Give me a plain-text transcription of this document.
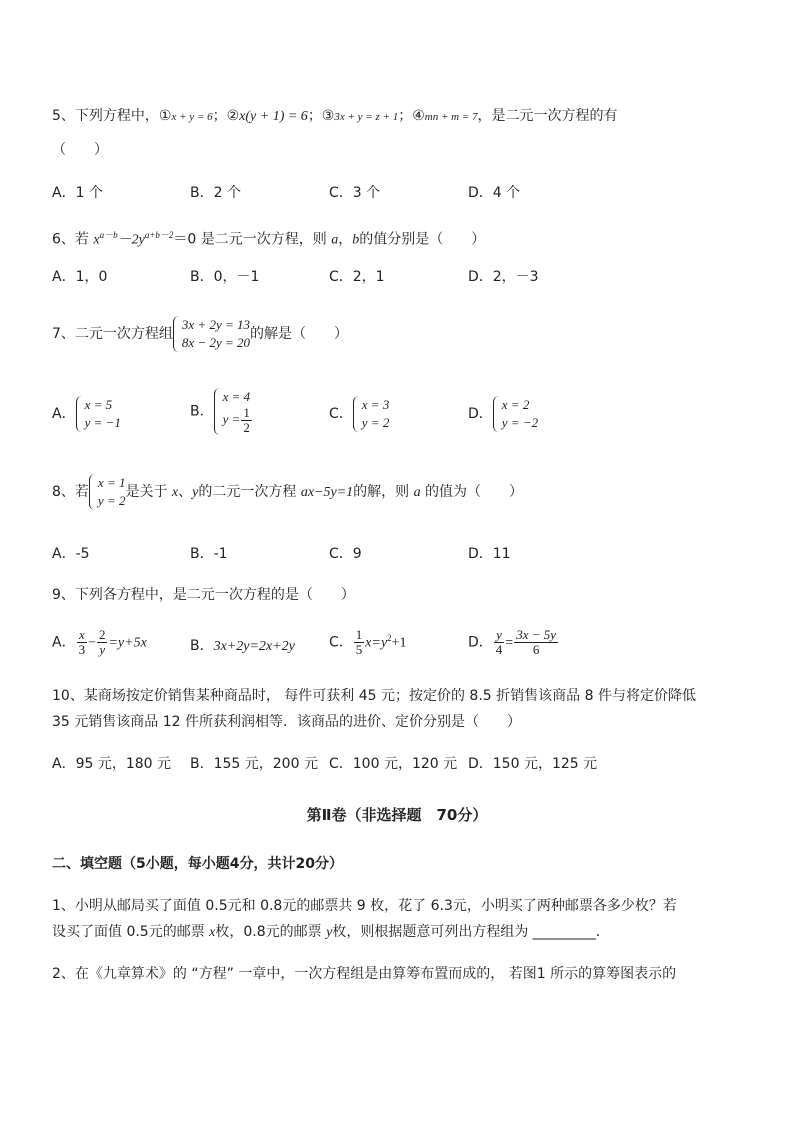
5、下列方程中，①x + y = 6；②x(y + 1) = 6；③3x + y = z + 1；④mn + m = 7，是二元一次方程的有
（　　）
A．1 个	B．2 个	C．3 个	D．4 个
6、若 $x^{a-b}-2y^{a+b-2}=0$ 是二元一次方程，则 a，b的值分别是（　　）
A．1，0	B．0，－1	C．2，1	D．2，－3
7、二元一次方程组
3x + 2y = 13
8x − 2y = 20
的解是（　　）
A．
x = 5
y = −1
B．
x = 4
$y = \frac{1}{2}$	C．
x = 3
y = 2
D．
x = 2
y = −2
8、若
x = 1
y = 2
是关于 x、y的二元一次方程 ax−5y=1的解，则 a 的值为（　　）
A．-5	B．-1	C．9	D．11
9、下列各方程中，是二元一次方程的是（　　）
A． $\frac{x}{3} - \frac{2}{y} =y+5x$	B．3x+2y=2x+2y C． $\frac{1}{5} x=y^2+1$	D． $\frac{y}{4} = \frac{3x - 5y}{6}$
10、某商场按定价销售某种商品时， 每件可获利 45 元；按定价的 8.5 折销售该商品 8 件与将定价降低
35 元销售该商品 12 件所获利润相等．该商品的进价、定价分别是（　　）
A．95 元，180 元 B．155 元，200 元 C．100 元，120 元 D．150 元，125 元
第Ⅱ卷（非选择题　70分）
二、填空题（5小题，每小题4分，共计20分）
1、小明从邮局买了面值 0.5元和 0.8元的邮票共 9 枚，花了 6.3元，小明买了两种邮票各多少枚？若
设买了面值 0.5元的邮票 x枚，0.8元的邮票 y枚，则根据题意可列出方程组为 _________．
2、在《九章算术》的 “方程” 一章中，一次方程组是由算筹布置而成的， 若图1 所示的算筹图表示的
